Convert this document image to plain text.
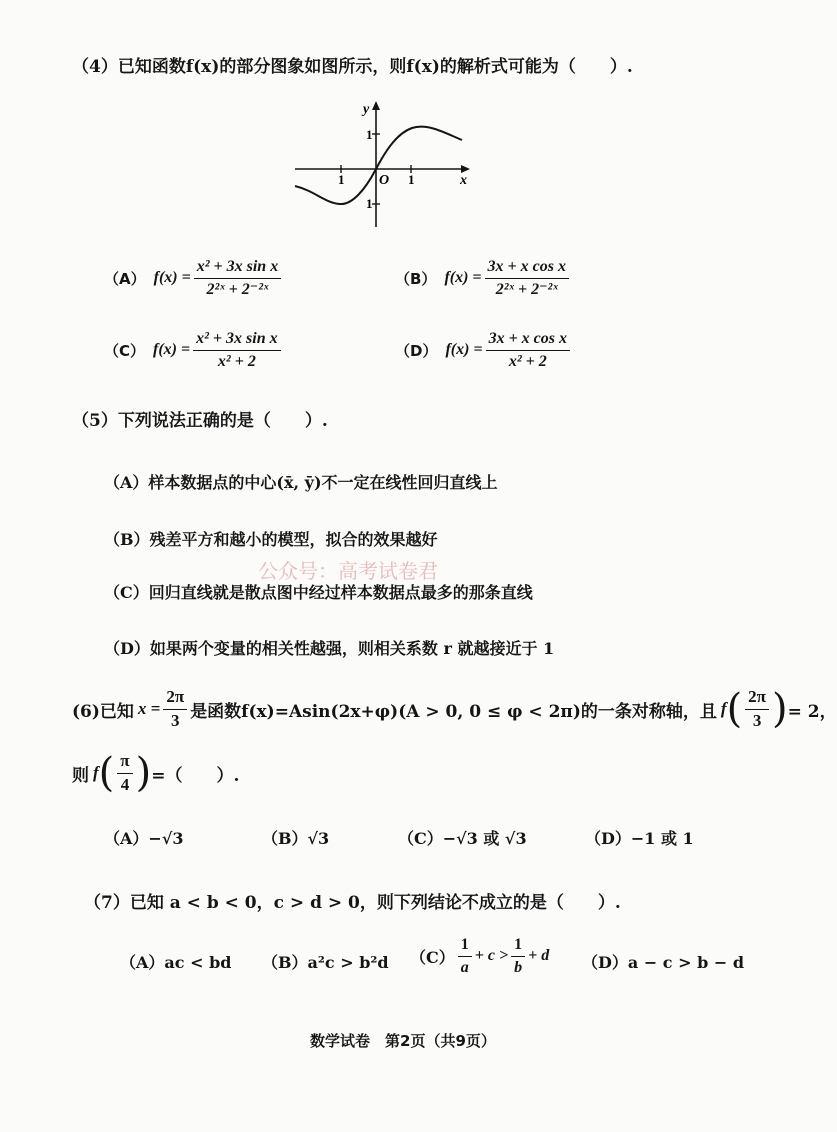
（4）已知函数f(x)的部分图象如图所示，则f(x)的解析式可能为（　　）.
y
x
O
1
1
1	1
（A） $f(x) = \frac{\text{x² + 3x sin x}}{\text{2²ˣ + 2⁻²ˣ}}$	（B） $f(x) = \frac{\text{3x + x cos x}}{\text{2²ˣ + 2⁻²ˣ}}$
（C） $f(x) = \frac{\text{x² + 3x sin x}}{\text{x² + 2}}$	（D） $f(x) = \frac{\text{3x + x cos x}}{\text{x² + 2}}$
（5）下列说法正确的是（　　）.
（A）样本数据点的中心(x̄, ȳ)不一定在线性回归直线上
（B）残差平方和越小的模型，拟合的效果越好
公众号：高考试卷君
（C）回归直线就是散点图中经过样本数据点最多的那条直线
（D）如果两个变量的相关性越强，则相关系数 r 就越接近于 1
(6)已知 $x = \frac{2\pi}{3}$ 是函数f(x)=Asin(2x+φ)(A > 0, 0 ≤ φ < 2π)的一条对称轴，且 f ( $\frac{2\pi}{3}$ ) = 2，
则 f ( $\frac{\pi}{4}$ ) =（　　）.
（A）−√3	（B）√3	（C）−√3 或 √3	（D）−1 或 1
（7）已知 a < b < 0，c > d > 0，则下列结论不成立的是（　　）.
（A）ac < bd （B）a²c > b²d $(C) \frac{1}{a} + c > \frac{1}{b} + d$ （D）a − c > b − d
数学试卷　第2页（共9页）
